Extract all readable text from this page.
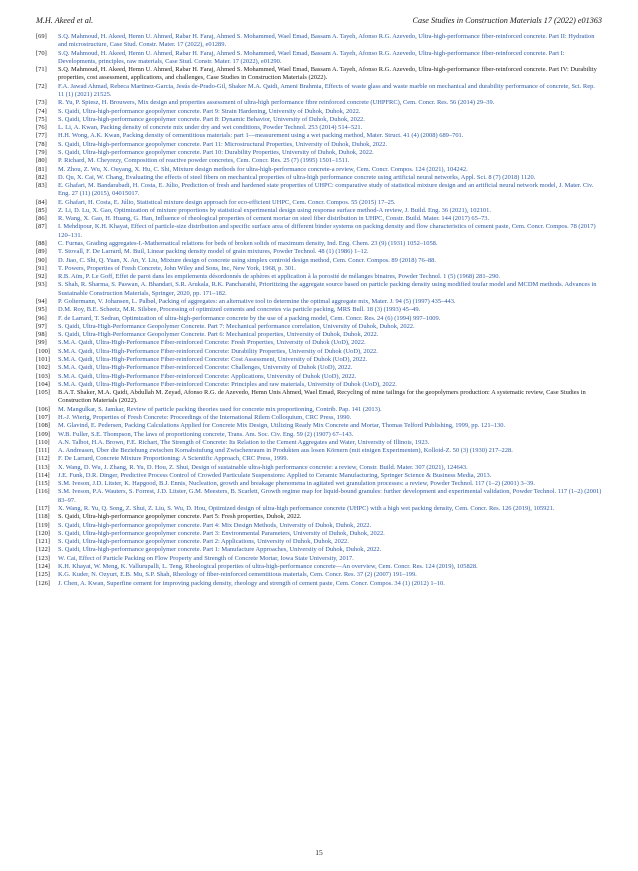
M.H. Akeed et al.	Case Studies in Construction Materials 17 (2022) e01363
[69]	S.Q. Mahmoud, H. Akeed, Hemn U. Ahmed, Rabar H. Faraj, Ahmed S. Mohammed, Wael Emad, Bassam A. Tayeh, Afonso R.G. Azevedo, Ultra-high-performance fiber-reinforced concrete. Part II: Hydration and microstructure, Case Stud. Constr. Mater. 17 (2022), e01289.
[70]	S.Q. Mahmoud, H. Akeed, Hemn U. Ahmed, Rabar H. Faraj, Ahmed S. Mohammed, Wael Emad, Bassam A. Tayeh, Afonso R.G. Azevedo, Ultra-high-performance fiber-reinforced concrete. Part I: Developments, principles, raw materials, Case Stud. Constr. Mater. 17 (2022), e01290.
[71]	S.Q. Mahmoud, H. Akeed, Hemn U. Ahmed, Rabar H. Faraj, Ahmed S. Mohammed, Wael Emad, Bassam A. Tayeh, Afonso R.G. Azevedo, Ultra-high-performance fiber-reinforced concrete. Part IV: Durability properties, cost assessment, applications, and challenges, Case Studies in Construction Materials (2022).
[72]	F.A. Jawad Ahmad, Rebeca Martinez-Garcia, Jesús de-Prado-Gil, Shaker M.A. Qaidi, Ameni Brahmia, Effects of waste glass and waste marble on mechanical and durability performance of concrete, Sci. Rep. 11 (1) (2021) 21525.
[73]	R. Yu, P. Spiesz, H. Brouwers, Mix design and properties assessment of ultra-high performance fibre reinforced concrete (UHPFRC), Cem. Concr. Res. 56 (2014) 29–39.
[74]	S. Qaidi, Ultra-high-performance geopolymer concrete. Part 9: Strain Hardening, University of Duhok, Duhok, 2022.
[75]	S. Qaidi, Ultra-high-performance geopolymer concrete. Part 8: Dynamic Behavior, University of Duhok, Duhok, 2022.
[76]	L. Li, A. Kwan, Packing density of concrete mix under dry and wet conditions, Powder Technol. 253 (2014) 514–521.
[77]	H.H. Wong, A.K. Kwan, Packing density of cementitious materials: part 1—measurement using a wet packing method, Mater. Struct. 41 (4) (2008) 689–701.
[78]	S. Qaidi, Ultra-high-performance geopolymer concrete. Part 11: Microstructural Properties, University of Duhok, Duhok, 2022.
[79]	S. Qaidi, Ultra-high-performance geopolymer concrete. Part 10: Durability Properties, University of Duhok, Duhok, 2022.
[80]	P. Richard, M. Cheyrezy, Composition of reactive powder concretes, Cem. Concr. Res. 25 (7) (1995) 1501–1511.
[81]	M. Zhou, Z. Wu, X. Ouyang, X. Hu, C. Shi, Mixture design methods for ultra-high-performance concrete-a review, Cem. Concr. Compos. 124 (2021), 104242.
[82]	D. Qu, X. Cai, W. Chang, Evaluating the effects of steel fibers on mechanical properties of ultra-high performance concrete using artificial neural networks, Appl. Sci. 8 (7) (2018) 1120.
[83]	E. Ghafari, M. Bandarabadi, H. Costa, E. Júlio, Prediction of fresh and hardened state properties of UHPC: comparative study of statistical mixture design and an artificial neural network model, J. Mater. Civ. Eng. 27 (11) (2015), 04015017.
[84]	E. Ghafari, H. Costa, E. Júlio, Statistical mixture design approach for eco-efficient UHPC, Cem. Concr. Compos. 55 (2015) 17–25.
[85]	Z. Li, D. Lu, X. Gao, Optimization of mixture proportions by statistical experimental design using response surface method-A review, J. Build. Eng. 36 (2021), 102101.
[86]	R. Wang, X. Gao, H. Huang, G. Han, Influence of rheological properties of cement mortar on steel fiber distribution in UHPC, Constr. Build. Mater. 144 (2017) 65–73.
[87]	I. Mehdipour, K.H. Khayat, Effect of particle-size distribution and specific surface area of different binder systems on packing density and flow characteristics of cement paste, Cem. Concr. Compos. 78 (2017) 120–131.
[88]	C. Furnas, Grading aggregates-I.-Mathematical relations for beds of broken solids of maximum density, Ind. Eng. Chem. 23 (9) (1931) 1052–1058.
[89]	T. Stovall, F. De Larrard, M. Buil, Linear packing density model of grain mixtures, Powder Technol. 48 (1) (1986) 1–12.
[90]	D. Jiao, C. Shi, Q. Yuan, X. An, Y. Liu, Mixture design of concrete using simplex centroid design method, Cem. Concr. Compos. 89 (2018) 76–88.
[91]	T. Powers, Properties of Fresh Concrete, John Wiley and Sons, Inc, New York, 1968, p. 301.
[92]	R.B. Aïm, P. Le Goff, Effet de paroi dans les empilements désordonnés de sphères et application à la porosité de mélanges binaires, Powder Technol. 1 (5) (1968) 281–290.
[93]	S. Shah, R. Sharma, S. Paswan, A. Bhandari, S.R. Arukala, R.K. Pancharathi, Prioritizing the aggregate source based on particle packing density using modified toufar model and MCDM methods. Advances in Sustainable Construction Materials, Springer, 2020, pp. 171–182.
[94]	P. Goltermann, V. Johansen, L. Palbøl, Packing of aggregates: an alternative tool to determine the optimal aggregate mix, Mater. J. 94 (5) (1997) 435–443.
[95]	D.M. Roy, B.E. Scheetz, M.R. Silsbee, Processing of optimized cements and concretes via particle packing, MRS Bull. 18 (3) (1993) 45–49.
[96]	F. de Larrard, T. Sedran, Optimization of ultra-high-performance concrete by the use of a packing model, Cem. Concr. Res. 24 (6) (1994) 997–1009.
[97]	S. Qaidi, Ultra-High-Performance Geopolymer Concrete. Part 7: Mechanical performance correlation, University of Duhok, Duhok, 2022.
[98]	S. Qaidi, Ultra-High-Performance Geopolymer Concrete. Part 6: Mechanical properties, University of Duhok, Duhok, 2022.
[99]	S.M.A. Qaidi, Ultra-High-Performance Fiber-reinforced Concrete: Fresh Properties, University of Duhok (UoD), 2022.
[100]	S.M.A. Qaidi, Ultra-High-Performance Fiber-reinforced Concrete: Durability Properties, University of Duhok (UoD), 2022.
[101]	S.M.A. Qaidi, Ultra-High-Performance Fiber-reinforced Concrete: Cost Assessment, University of Duhok (UoD), 2022.
[102]	S.M.A. Qaidi, Ultra-High-Performance Fiber-reinforced Concrete: Challenges, University of Duhok (UoD), 2022.
[103]	S.M.A. Qaidi, Ultra-High-Performance Fiber-reinforced Concrete: Applications, University of Duhok (UoD), 2022.
[104]	S.M.A. Qaidi, Ultra-High-Performance Fiber-reinforced Concrete: Principles and raw materials, University of Duhok (UoD), 2022.
[105]	B.A.T. Shaker, M.A. Qaidi, Abdullah M. Zeyad, Afonso R.G. de Azevedo, Hemn Unis Ahmed, Wael Emad, Recycling of mine tailings for the geopolymers production: A systematic review, Case Studies in Construction Materials (2022).
[106]	M. Mangulkar, S. Jamkar, Review of particle packing theories used for concrete mix proportioning, Contrib. Pap. 141 (2013).
[107]	H.-J. Wierig, Properties of Fresh Concrete: Proceedings of the International Rilem Colloquium, CRC Press, 1990.
[108]	M. Glavind, E. Pedersen, Packing Calculations Applied for Concrete Mix Design, Utilizing Ready Mix Concrete and Mortar, Thomas Telford Publishing, 1999, pp. 121–130.
[109]	W.B. Fuller, S.E. Thompson, The laws of proportioning concrete, Trans. Am. Soc. Civ. Eng. 59 (2) (1907) 67–143.
[110]	A.N. Talbot, H.A. Brown, F.E. Richart, The Strength of Concrete: Its Relation to the Cement Aggregates and Water, University of Illinois, 1923.
[111]	A. Andreasen, Über die Beziehung zwischen Kornabstufung und Zwischenraum in Produkten aus losen Körnern (mit einigen Experimenten), Kolloid-Z. 50 (3) (1930) 217–228.
[112]	F. De Larrard, Concrete Mixture Proportioning: A Scientific Approach, CRC Press, 1999.
[113]	X. Wang, D. Wu, J. Zhang, R. Yu, D. Hou, Z. Shui, Design of sustainable ultra-high performance concrete: a review, Constr. Build. Mater. 307 (2021), 124643.
[114]	J.E. Funk, D.R. Dinger, Predictive Process Control of Crowded Particulate Suspensions: Applied to Ceramic Manufacturing, Springer Science & Business Media, 2013.
[115]	S.M. Iveson, J.D. Litster, K. Hapgood, B.J. Ennis, Nucleation, growth and breakage phenomena in agitated wet granulation processes: a review, Powder Technol. 117 (1–2) (2001) 3–39.
[116]	S.M. Iveson, P.A. Wauters, S. Forrest, J.D. Litster, G.M. Meesters, B. Scarlett, Growth regime map for liquid-bound granules: further development and experimental validation, Powder Technol. 117 (1–2) (2001) 83–97.
[117]	X. Wang, R. Yu, Q. Song, Z. Shui, Z. Liu, S. Wu, D. Hou, Optimized design of ultra-high performance concrete (UHPC) with a high wet packing density, Cem. Concr. Res. 126 (2019), 105921.
[118]	S. Qaidi, Ultra-high-performance geopolymer concrete. Part 5: Fresh properties, Duhok, 2022.
[119]	S. Qaidi, Ultra-high-performance geopolymer concrete. Part 4: Mix Design Methods, University of Duhok, Duhok, 2022.
[120]	S. Qaidi, Ultra-high-performance geopolymer concrete. Part 3: Environmental Parameters, University of Duhok, Duhok, 2022.
[121]	S. Qaidi, Ultra-high-performance geopolymer concrete. Part 2: Applications, University of Duhok, Duhok, 2022.
[122]	S. Qaidi, Ultra-high-performance geopolymer concrete. Part 1: Manufacture Approaches, University of Duhok, Duhok, 2022.
[123]	W. Cai, Effect of Particle Packing on Flow Property and Strength of Concrete Mortar, Iowa State University, 2017.
[124]	K.H. Khayat, W. Meng, K. Vallurupalli, L. Teng, Rheological properties of ultra-high-performance concrete—An overview, Cem. Concr. Res. 124 (2019), 105828.
[125]	K.G. Kuder, N. Ozyurt, E.B. Mu, S.P. Shah, Rheology of fiber-reinforced cementitious materials, Cem. Concr. Res. 37 (2) (2007) 191–199.
[126]	J. Chen, A. Kwan, Superfine cement for improving packing density, rheology and strength of cement paste, Cem. Concr. Compos. 34 (1) (2012) 1–10.
15
